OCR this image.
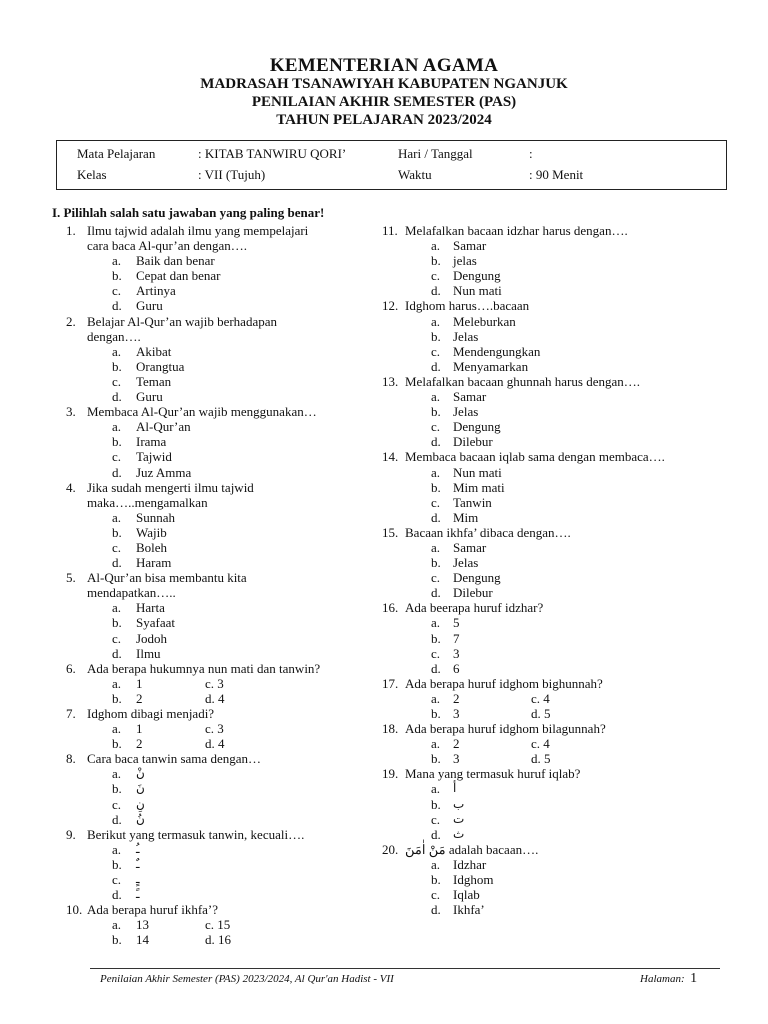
KEMENTERIAN AGAMA
MADRASAH TSANAWIYAH KABUPATEN NGANJUK
PENILAIAN AKHIR SEMESTER (PAS)
TAHUN PELAJARAN 2023/2024
Mata Pelajaran	: KITAB TANWIRU QORI’	Hari / Tanggal	:
Kelas	: VII (Tujuh)	Waktu	: 90 Menit
I. Pilihlah salah satu jawaban yang paling benar!
1. Ilmu tajwid adalah ilmu yang mempelajari
cara baca Al-qur’an dengan….
a. Baik dan benar
b. Cepat dan benar
c. Artinya
d. Guru
2. Belajar Al-Qur’an wajib berhadapan
dengan….
a. Akibat
b. Orangtua
c. Teman
d. Guru
3. Membaca Al-Qur’an wajib menggunakan…
a. Al-Qur’an
b. Irama
c. Tajwid
d. Juz Amma
4. Jika sudah mengerti ilmu tajwid
maka…..mengamalkan
a. Sunnah
b. Wajib
c. Boleh
d. Haram
5. Al-Qur’an bisa membantu kita
mendapatkan…..
a. Harta
b. Syafaat
c. Jodoh
d. Ilmu
6. Ada berapa hukumnya nun mati dan tanwin?
a. 1	c. 3
b. 2	d. 4
7. Idghom dibagi menjadi?
a. 1	c. 3
b. 2	d. 4
8. Cara baca tanwin sama dengan…
a. نْ
b. نَ
c. نِ
d. نُ
9. Berikut yang termasuk tanwin, kecuali….
a. ـُ
b. ـٌ
c. ـٍ
d. ـً
10. Ada berapa huruf ikhfa’?
a. 13	c. 15
b. 14	d. 16
11. Melafalkan bacaan idzhar harus dengan….
a. Samar
b. jelas
c. Dengung
d. Nun mati
12. Idghom harus….bacaan
a. Meleburkan
b. Jelas
c. Mendengungkan
d. Menyamarkan
13. Melafalkan bacaan ghunnah harus dengan….
a. Samar
b. Jelas
c. Dengung
d. Dilebur
14. Membaca bacaan iqlab sama dengan membaca….
a. Nun mati
b. Mim mati
c. Tanwin
d. Mim
15. Bacaan ikhfa’ dibaca dengan….
a. Samar
b. Jelas
c. Dengung
d. Dilebur
16. Ada beerapa huruf idzhar?
a. 5
b. 7
c. 3
d. 6
17. Ada berapa huruf idghom bighunnah?
a. 2	c. 4
b. 3	d. 5
18. Ada berapa huruf idghom bilagunnah?
a. 2	c. 4
b. 3	d. 5
19. Mana yang termasuk huruf iqlab?
a. أ
b. ب
c. ت
d. ث
20. مَنْ اٰمَنَ adalah bacaan….
a. Idzhar
b. Idghom
c. Iqlab
d. Ikhfa’
Penilaian Akhir Semester (PAS) 2023/2024, Al Qur'an Hadist - VII	Halaman: 1
